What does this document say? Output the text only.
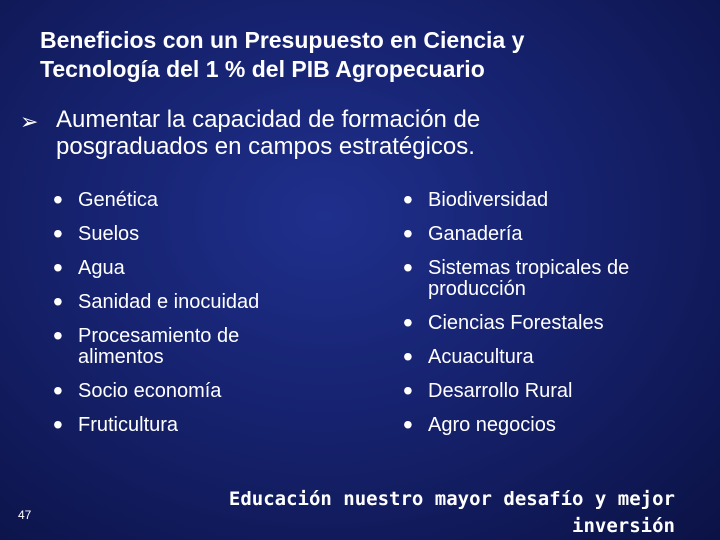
Beneficios con un Presupuesto en Ciencia y
Tecnología del 1 % del PIB Agropecuario
➢ Aumentar la capacidad de formación de
posgraduados en campos estratégicos.
• Genética
• Suelos
• Agua
• Sanidad e inocuidad
• Procesamiento de
alimentos
• Socio economía
• Fruticultura
• Biodiversidad
• Ganadería
• Sistemas tropicales de
producción
• Ciencias Forestales
• Acuacultura
• Desarrollo Rural
• Agro negocios
47
Educación nuestro mayor desafío y mejor
inversión
